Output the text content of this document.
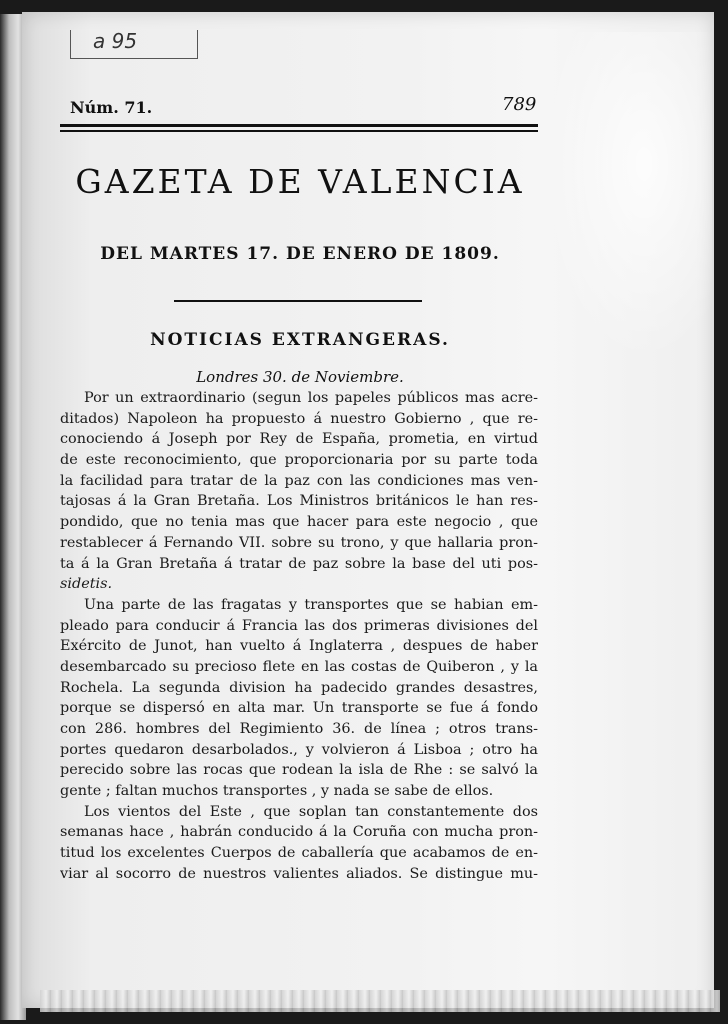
a 95
Núm. 71.	789
GAZETA DE VALENCIA
DEL MARTES 17. DE ENERO DE 1809.
NOTICIAS EXTRANGERAS.
Londres 30. de Noviembre.
Por un extraordinario (segun los papeles públicos mas acre-
ditados) Napoleon ha propuesto á nuestro Gobierno , que re-
conociendo á Joseph por Rey de España, prometia, en virtud
de este reconocimiento, que proporcionaria por su parte toda
la facilidad para tratar de la paz con las condiciones mas ven-
tajosas á la Gran Bretaña. Los Ministros británicos le han res-
pondido, que no tenia mas que hacer para este negocio , que
restablecer á Fernando VII. sobre su trono, y que hallaria pron-
ta á la Gran Bretaña á tratar de paz sobre la base del uti pos-
sidetis.
Una parte de las fragatas y transportes que se habian em-
pleado para conducir á Francia las dos primeras divisiones del
Exército de Junot, han vuelto á Inglaterra , despues de haber
desembarcado su precioso flete en las costas de Quiberon , y la
Rochela. La segunda division ha padecido grandes desastres,
porque se dispersó en alta mar. Un transporte se fue á fondo
con 286. hombres del Regimiento 36. de línea ; otros trans-
portes quedaron desarbolados., y volvieron á Lisboa ; otro ha
perecido sobre las rocas que rodean la isla de Rhe : se salvó la
gente ; faltan muchos transportes , y nada se sabe de ellos.
Los vientos del Este , que soplan tan constantemente dos
semanas hace , habrán conducido á la Coruña con mucha pron-
titud los excelentes Cuerpos de caballería que acabamos de en-
viar al socorro de nuestros valientes aliados. Se distingue mu-
